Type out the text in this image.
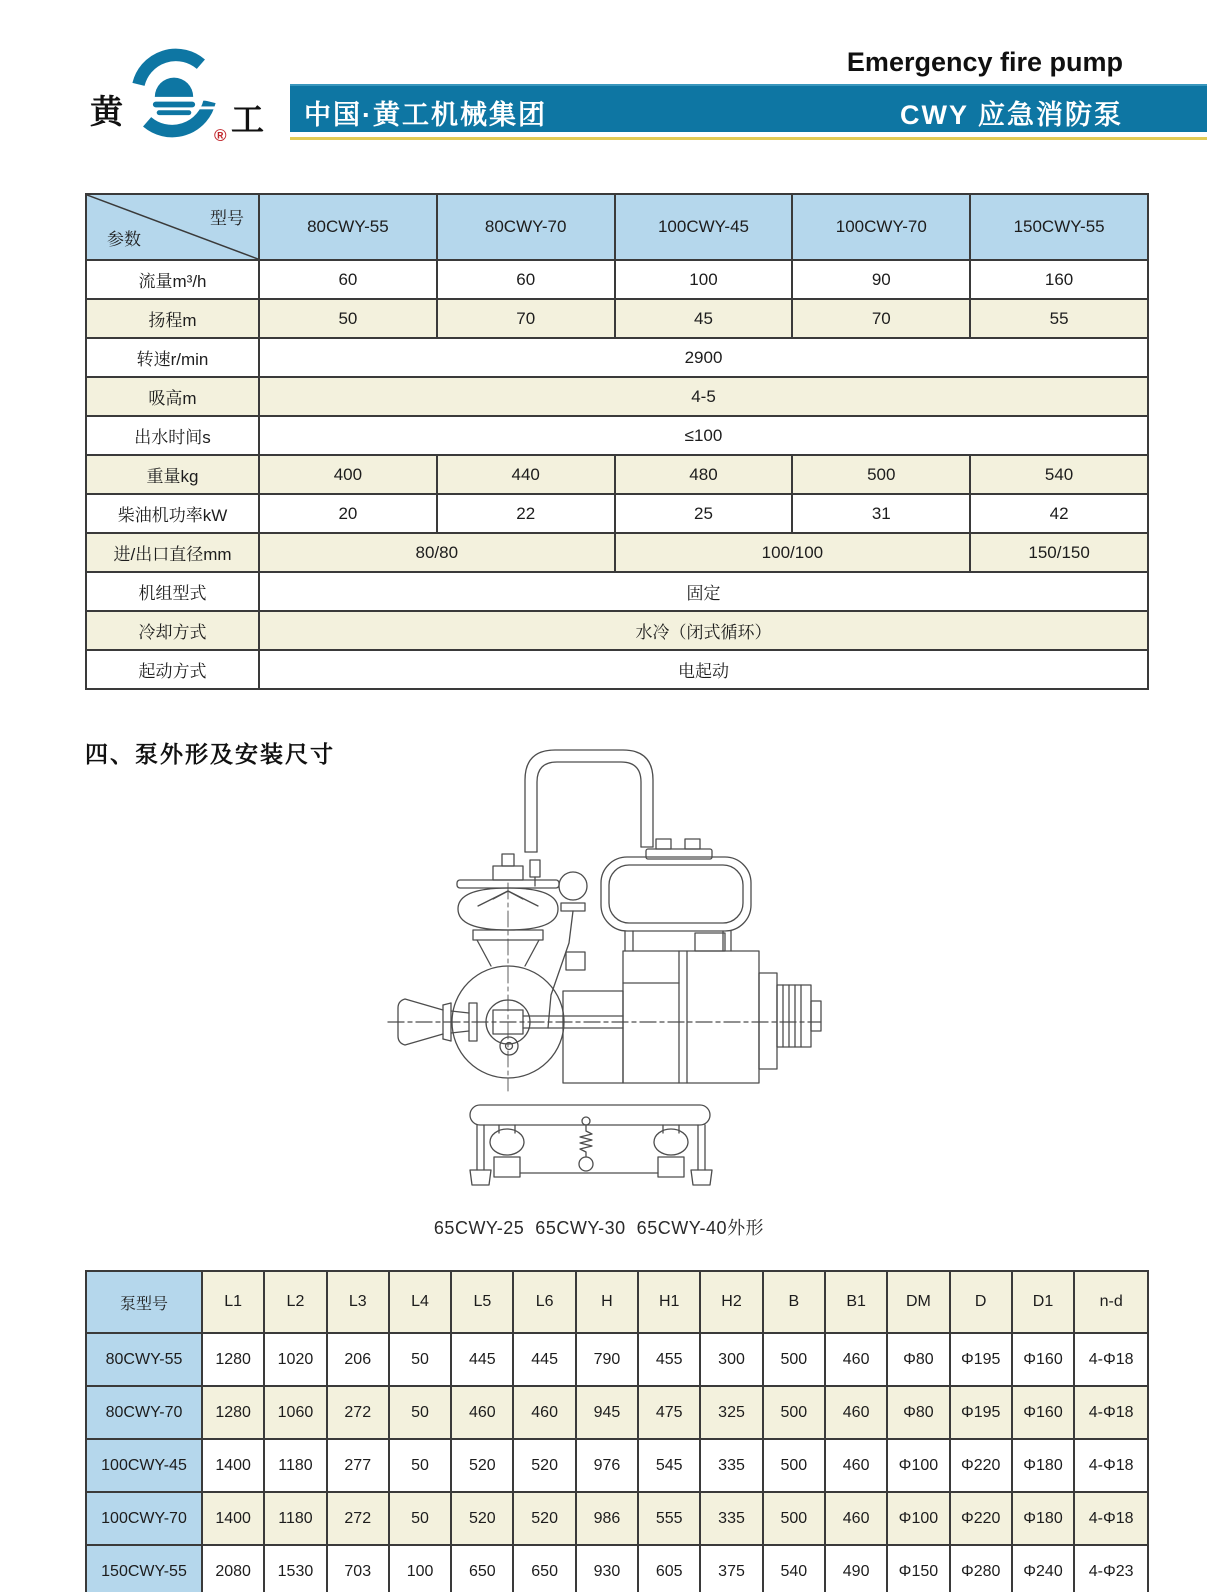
黄	工
®
Emergency fire pump
中国·黄工机械集团	CWY 应急消防泵
型号
参数	80CWY-55	80CWY-70	100CWY-45	100CWY-70	150CWY-55
流量m³/h	60	60	100	90	160
扬程m	50	70	45	70	55
转速r/min	2900				
吸高m	4-5				
出水时间s	≤100				
重量kg	400	440	480	500	540
柴油机功率kW	20	22	25	31	42
进/出口直径mm	80/80		100/100		150/150
机组型式	固定				
冷却方式	水冷（闭式循环）				
起动方式	电起动				
四、泵外形及安装尺寸
65CWY-25  65CWY-30  65CWY-40外形
泵型号	L1	L2	L3	L4	L5	L6	H	H1	H2	B	B1	DM	D	D1	n-d
80CWY-55	1280	1020	206	50	445	445	790	455	300	500	460	Φ80	Φ195	Φ160	4-Φ18
80CWY-70	1280	1060	272	50	460	460	945	475	325	500	460	Φ80	Φ195	Φ160	4-Φ18
100CWY-45	1400	1180	277	50	520	520	976	545	335	500	460	Φ100	Φ220	Φ180	4-Φ18
100CWY-70	1400	1180	272	50	520	520	986	555	335	500	460	Φ100	Φ220	Φ180	4-Φ18
150CWY-55	2080	1530	703	100	650	650	930	605	375	540	490	Φ150	Φ280	Φ240	4-Φ23
